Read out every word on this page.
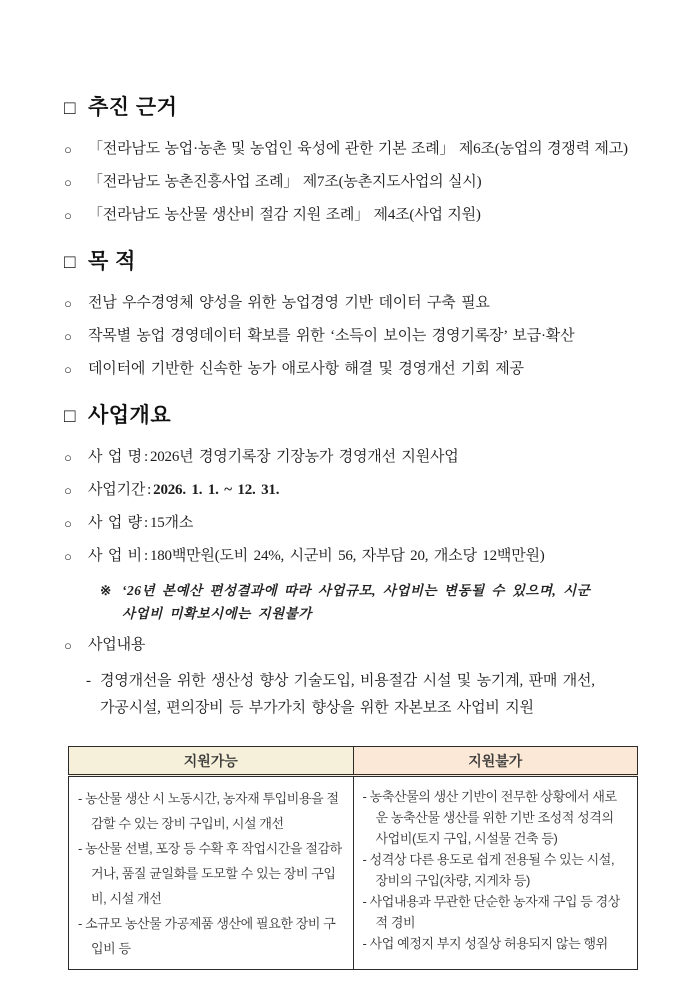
□ 추진 근거
○	「전라남도 농업·농촌 및 농업인 육성에 관한 기본 조례」 제6조(농업의 경쟁력 제고)
○	「전라남도 농촌진흥사업 조례」 제7조(농촌지도사업의 실시)
○	「전라남도 농산물 생산비 절감 지원 조례」 제4조(사업 지원)
□ 목 적
○	전남 우수경영체 양성을 위한 농업경영 기반 데이터 구축 필요
○	작목별 농업 경영데이터 확보를 위한 ‘소득이 보이는 경영기록장’ 보급·확산
○	데이터에 기반한 신속한 농가 애로사항 해결 및 경영개선 기회 제공
□ 사업개요
○	사 업 명 : 2026년 경영기록장 기장농가 경영개선 지원사업
○	사업기간 : 2026. 1. 1. ~ 12. 31.
○	사 업 량 : 15개소
○	사 업 비 : 180백만원(도비 24%, 시군비 56, 자부담 20, 개소당 12백만원)
※ ‘26년 본예산 편성결과에 따라 사업규모, 사업비는 변동될 수 있으며, 시군
사업비 미확보시에는 지원불가
○	사업내용
- 경영개선을 위한 생산성 향상 기술도입, 비용절감 시설 및 농기계, 판매 개선,
가공시설, 편의장비 등 부가가치 향상을 위한 자본보조 사업비 지원
지원가능	지원불가

- 농산물 생산 시 노동시간, 농자재 투입비용을 절감할 수 있는 장비 구입비, 시설 개선
- 농산물 선별, 포장 등 수확 후 작업시간을 절감하거나, 품질 균일화를 도모할 수 있는 장비 구입비, 시설 개선
- 소규모 농산물 가공제품 생산에 필요한 장비 구입비 등

- 농축산물의 생산 기반이 전무한 상황에서 새로운 농축산물 생산를 위한 기반 조성적 성격의 사업비(토지 구입, 시설물 건축 등)
- 성격상 다른 용도로 쉽게 전용될 수 있는 시설, 장비의 구입(차량, 지게차 등)
- 사업내용과 무관한 단순한 농자재 구입 등 경상적 경비
- 사업 예정지 부지 성질상 허용되지 않는 행위
